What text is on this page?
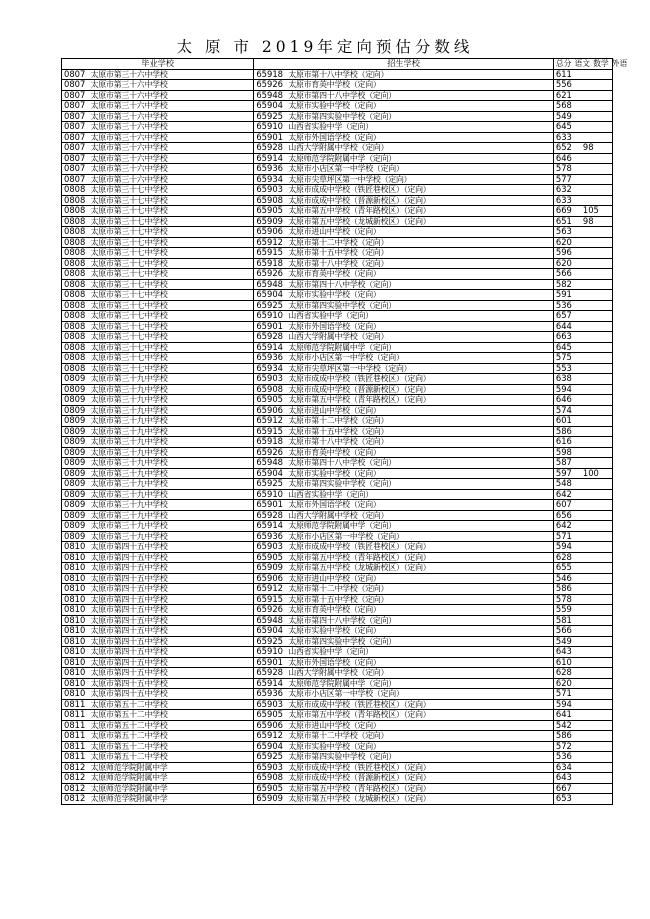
太 原 市 2019年定向预估分数线
毕业学校	招生学校	总分 语文 数学 外语

0807  太原市第三十六中学校	65918  太原市第十八中学校（定向）	611

0807  太原市第三十六中学校	65926  太原市育英中学校（定向）	556

0807  太原市第三十六中学校	65948  太原市第四十八中学校（定向）	621

0807  太原市第三十六中学校	65904  太原市实验中学校（定向）	568

0807  太原市第三十六中学校	65925  太原市第四实验中学校（定向）	549

0807  太原市第三十六中学校	65910  山西省实验中学（定向）	645

0807  太原市第三十六中学校	65901  太原市外国语学校（定向）	633

0807  太原市第三十六中学校	65928  山西大学附属中学校（定向）	652 98

0807  太原市第三十六中学校	65914  太原师范学院附属中学（定向）	646

0807  太原市第三十六中学校	65936  太原市小店区第一中学校（定向）	578

0807  太原市第三十六中学校	65934  太原市尖草坪区第一中学校（定向）	577

0808  太原市第三十七中学校	65903  太原市成成中学校（铁匠巷校区）（定向）	632

0808  太原市第三十七中学校	65908  太原市成成中学校（晋源新校区）（定向）	633

0808  太原市第三十七中学校	65905  太原市第五中学校（青年路校区）（定向）	669 105

0808  太原市第三十七中学校	65909  太原市第五中学校（龙城新校区）（定向）	651 98

0808  太原市第三十七中学校	65906  太原市进山中学校（定向）	563

0808  太原市第三十七中学校	65912  太原市第十二中学校（定向）	620

0808  太原市第三十七中学校	65915  太原市第十五中学校（定向）	596

0808  太原市第三十七中学校	65918  太原市第十八中学校（定向）	620

0808  太原市第三十七中学校	65926  太原市育英中学校（定向）	566

0808  太原市第三十七中学校	65948  太原市第四十八中学校（定向）	582

0808  太原市第三十七中学校	65904  太原市实验中学校（定向）	591

0808  太原市第三十七中学校	65925  太原市第四实验中学校（定向）	536

0808  太原市第三十七中学校	65910  山西省实验中学（定向）	657

0808  太原市第三十七中学校	65901  太原市外国语学校（定向）	644

0808  太原市第三十七中学校	65928  山西大学附属中学校（定向）	663

0808  太原市第三十七中学校	65914  太原师范学院附属中学（定向）	645

0808  太原市第三十七中学校	65936  太原市小店区第一中学校（定向）	575

0808  太原市第三十七中学校	65934  太原市尖草坪区第一中学校（定向）	553

0809  太原市第三十九中学校	65903  太原市成成中学校（铁匠巷校区）（定向）	638

0809  太原市第三十九中学校	65908  太原市成成中学校（晋源新校区）（定向）	594

0809  太原市第三十九中学校	65905  太原市第五中学校（青年路校区）（定向）	646

0809  太原市第三十九中学校	65906  太原市进山中学校（定向）	574

0809  太原市第三十九中学校	65912  太原市第十二中学校（定向）	601

0809  太原市第三十九中学校	65915  太原市第十五中学校（定向）	586

0809  太原市第三十九中学校	65918  太原市第十八中学校（定向）	616

0809  太原市第三十九中学校	65926  太原市育英中学校（定向）	598

0809  太原市第三十九中学校	65948  太原市第四十八中学校（定向）	587

0809  太原市第三十九中学校	65904  太原市实验中学校（定向）	597 100

0809  太原市第三十九中学校	65925  太原市第四实验中学校（定向）	548

0809  太原市第三十九中学校	65910  山西省实验中学（定向）	642

0809  太原市第三十九中学校	65901  太原市外国语学校（定向）	607

0809  太原市第三十九中学校	65928  山西大学附属中学校（定向）	656

0809  太原市第三十九中学校	65914  太原师范学院附属中学（定向）	642

0809  太原市第三十九中学校	65936  太原市小店区第一中学校（定向）	571

0810  太原市第四十五中学校	65903  太原市成成中学校（铁匠巷校区）（定向）	594

0810  太原市第四十五中学校	65905  太原市第五中学校（青年路校区）（定向）	628

0810  太原市第四十五中学校	65909  太原市第五中学校（龙城新校区）（定向）	655

0810  太原市第四十五中学校	65906  太原市进山中学校（定向）	546

0810  太原市第四十五中学校	65912  太原市第十二中学校（定向）	586

0810  太原市第四十五中学校	65915  太原市第十五中学校（定向）	578

0810  太原市第四十五中学校	65926  太原市育英中学校（定向）	559

0810  太原市第四十五中学校	65948  太原市第四十八中学校（定向）	581

0810  太原市第四十五中学校	65904  太原市实验中学校（定向）	566

0810  太原市第四十五中学校	65925  太原市第四实验中学校（定向）	549

0810  太原市第四十五中学校	65910  山西省实验中学（定向）	643

0810  太原市第四十五中学校	65901  太原市外国语学校（定向）	610

0810  太原市第四十五中学校	65928  山西大学附属中学校（定向）	628

0810  太原市第四十五中学校	65914  太原师范学院附属中学（定向）	620

0810  太原市第四十五中学校	65936  太原市小店区第一中学校（定向）	571

0811  太原市第五十二中学校	65903  太原市成成中学校（铁匠巷校区）（定向）	594

0811  太原市第五十二中学校	65905  太原市第五中学校（青年路校区）（定向）	641

0811  太原市第五十二中学校	65906  太原市进山中学校（定向）	542

0811  太原市第五十二中学校	65912  太原市第十二中学校（定向）	586

0811  太原市第五十二中学校	65904  太原市实验中学校（定向）	572

0811  太原市第五十二中学校	65925  太原市第四实验中学校（定向）	536

0812  太原师范学院附属中学	65903  太原市成成中学校（铁匠巷校区）（定向）	634

0812  太原师范学院附属中学	65908  太原市成成中学校（晋源新校区）（定向）	643

0812  太原师范学院附属中学	65905  太原市第五中学校（青年路校区）（定向）	667

0812  太原师范学院附属中学	65909  太原市第五中学校（龙城新校区）（定向）	653
